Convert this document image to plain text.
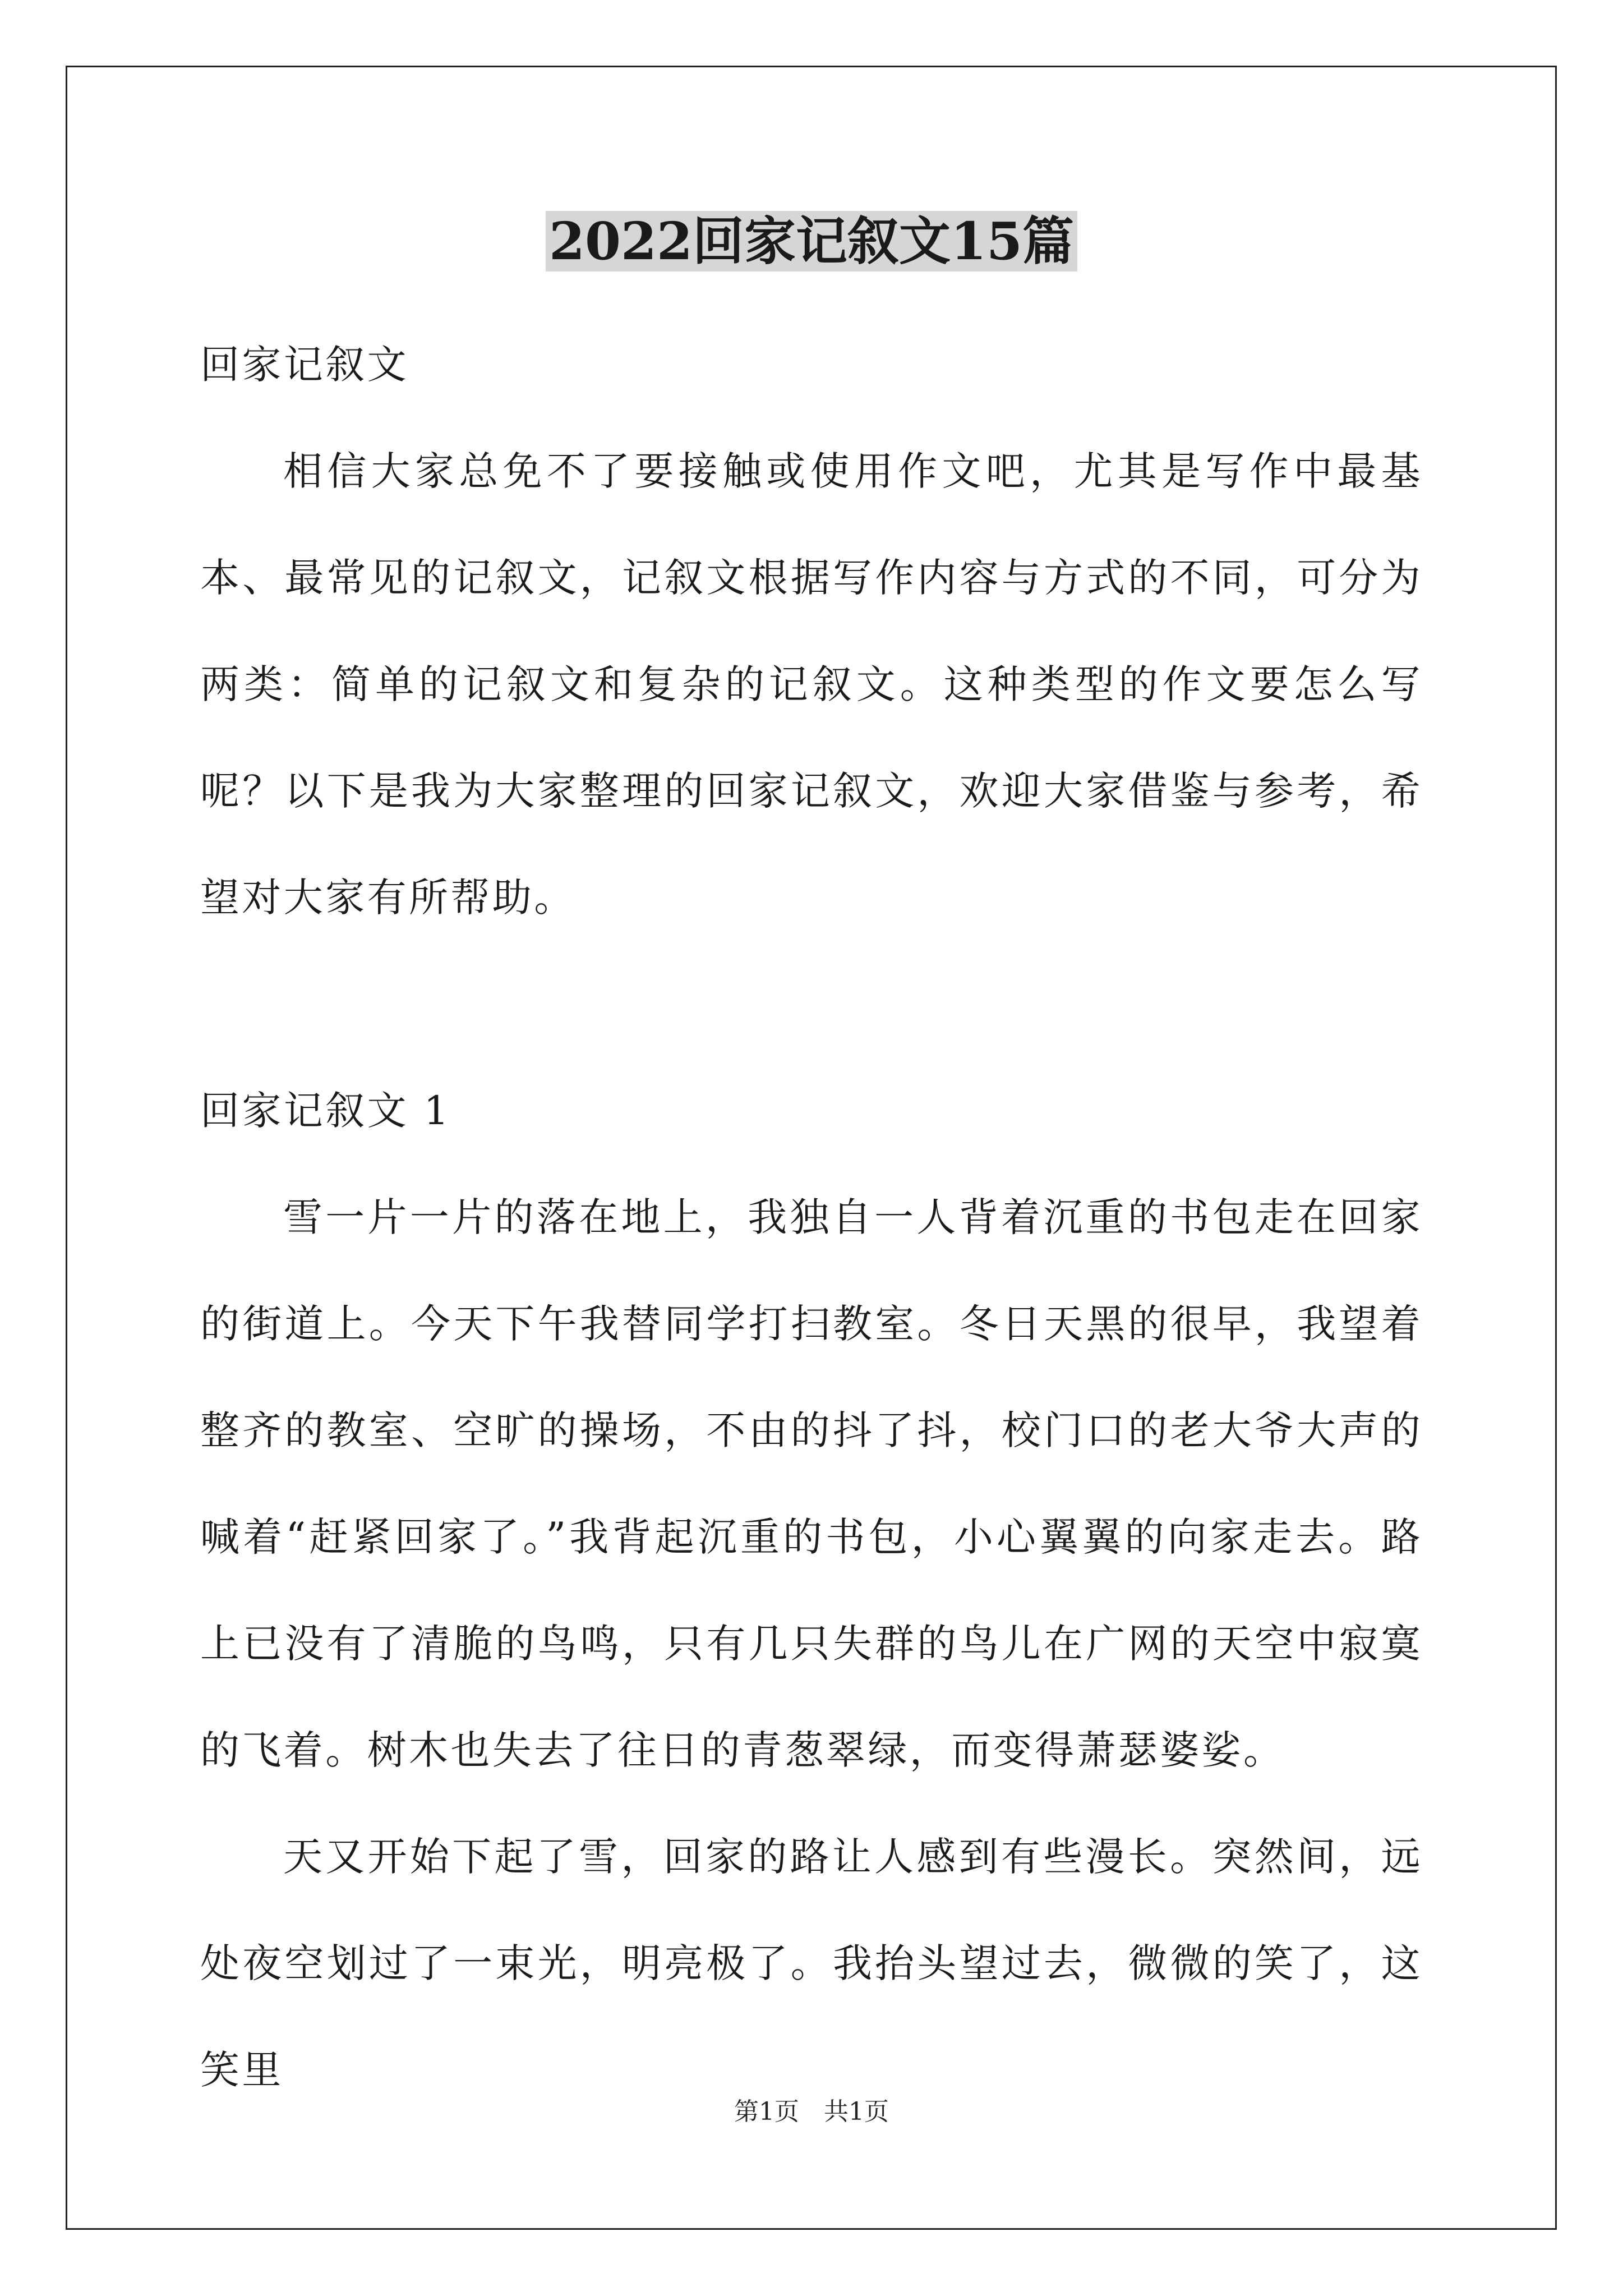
2022回家记叙文15篇

回家记叙文

相信大家总免不了要接触或使用作文吧，尤其是写作中最基本、最常见的记叙文，记叙文根据写作内容与方式的不同，可分为两类：简单的记叙文和复杂的记叙文。这种类型的作文要怎么写呢？以下是我为大家整理的回家记叙文，欢迎大家借鉴与参考，希望对大家有所帮助。

回家记叙文 1

雪一片一片的落在地上，我独自一人背着沉重的书包走在回家的街道上。今天下午我替同学打扫教室。冬日天黑的很早，我望着整齐的教室、空旷的操场，不由的抖了抖，校门口的老大爷大声的喊着“赶紧回家了。”我背起沉重的书包，小心翼翼的向家走去。路上已没有了清脆的鸟鸣，只有几只失群的鸟儿在广网的天空中寂寞的飞着。树木也失去了往日的青葱翠绿，而变得萧瑟婆娑。

天又开始下起了雪，回家的路让人感到有些漫长。突然间，远处夜空划过了一束光，明亮极了。我抬头望过去，微微的笑了，这笑里

第1页　共1页
